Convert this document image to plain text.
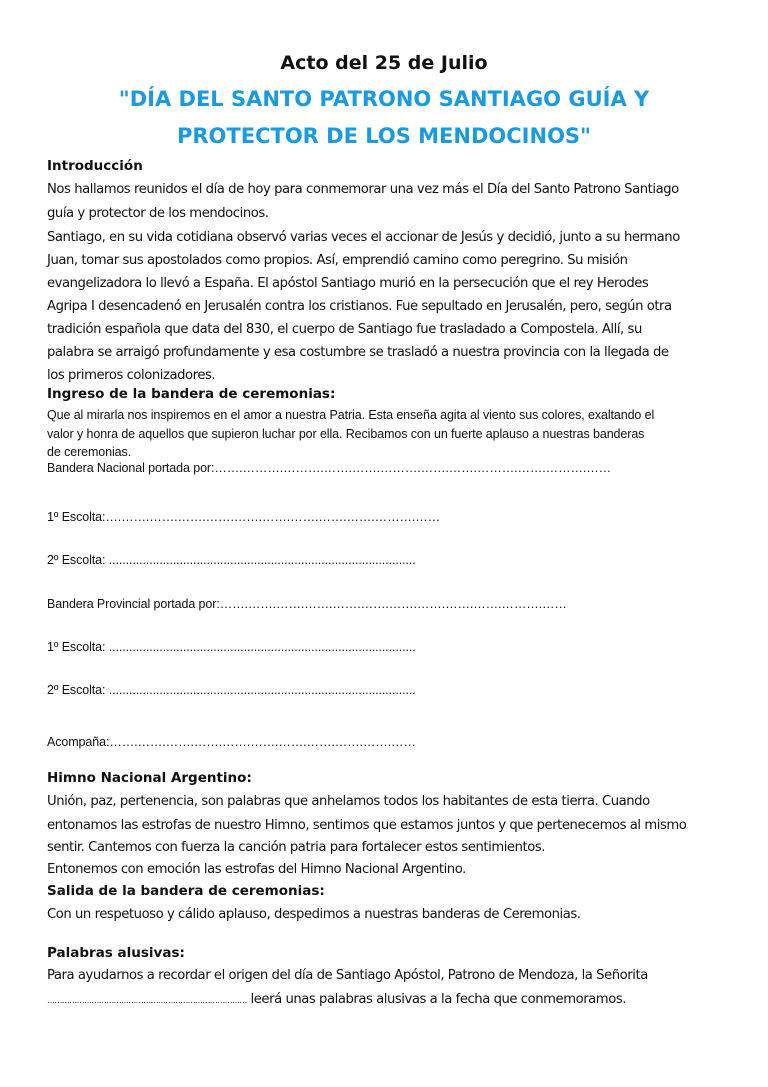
Acto del 25 de Julio
"DÍA DEL SANTO PATRONO SANTIAGO GUÍA Y
PROTECTOR DE LOS MENDOCINOS"
Introducción
Nos hallamos reunidos el día de hoy para conmemorar una vez más el Día del Santo Patrono Santiago
guía y protector de los mendocinos.
Santiago, en su vida cotidiana observó varias veces el accionar de Jesús y decidió, junto a su hermano
Juan, tomar sus apostolados como propios. Así, emprendió camino como peregrino. Su misión
evangelizadora lo llevó a España. El apóstol Santiago murió en la persecución que el rey Herodes
Agripa I desencadenó en Jerusalén contra los cristianos. Fue sepultado en Jerusalén, pero, según otra
tradición española que data del 830, el cuerpo de Santiago fue trasladado a Compostela. Allí, su
palabra se arraigó profundamente y esa costumbre se trasladó a nuestra provincia con la llegada de
los primeros colonizadores.
Ingreso de la bandera de ceremonias:
Que al mirarla nos inspiremos en el amor a nuestra Patria. Esta enseña agita al viento sus colores, exaltando el
valor y honra de aquellos que supieron luchar por ella. Recibamos con un fuerte aplauso a nuestras banderas
de ceremonias.
Bandera Nacional portada por:…….……….……….…….…….……….…….…….……….…….……….……
1º Escolta:….…….…….…….…….…….…….…….…….…….……….……
2º Escolta: ...........................................................................................
Bandera Provincial portada por:…….…….…….…….…….…….…….…….…….…….……….……
1º Escolta: ...........................................................................................
2º Escolta: ...........................................................................................
Acompaña:…….…….…….…….…….…….…….…….…….…….……
Himno Nacional Argentino:
Unión, paz, pertenencia, son palabras que anhelamos todos los habitantes de esta tierra. Cuando
entonamos las estrofas de nuestro Himno, sentimos que estamos juntos y que pertenecemos al mismo
sentir. Cantemos con fuerza la canción patria para fortalecer estos sentimientos.
Entonemos con emoción las estrofas del Himno Nacional Argentino.
Salida de la bandera de ceremonias:
Con un respetuoso y cálido aplauso, despedimos a nuestras banderas de Ceremonias.
Palabras alusivas:
Para ayudarnos a recordar el origen del día de Santiago Apóstol, Patrono de Mendoza, la Señorita
……………………………………………………………………… leerá unas palabras alusivas a la fecha que conmemoramos.
